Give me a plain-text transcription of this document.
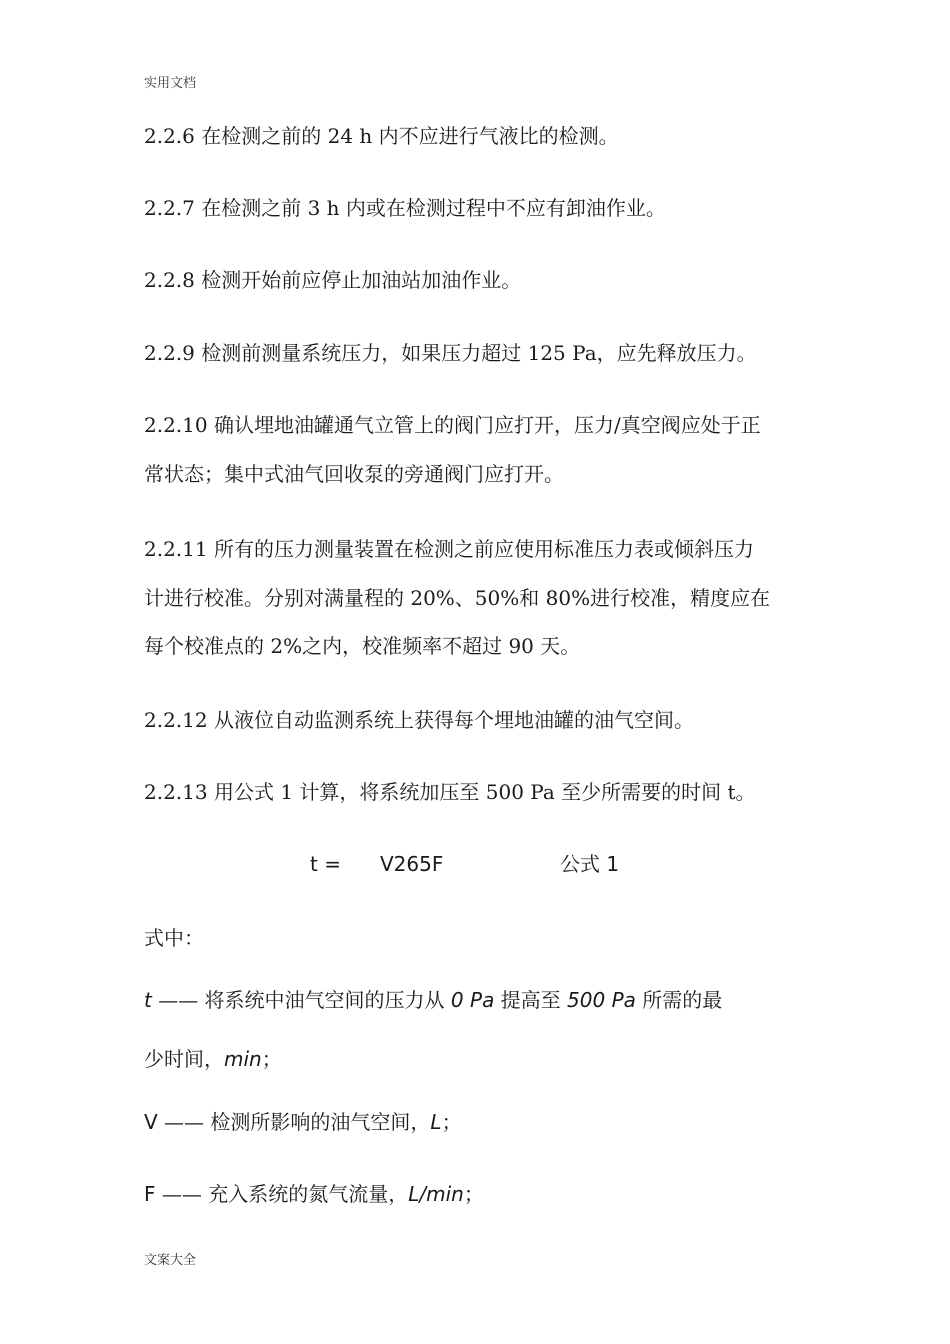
实用文档
2.2.6 在检测之前的 24 h 内不应进行气液比的检测。
2.2.7 在检测之前 3 h 内或在检测过程中不应有卸油作业。
2.2.8 检测开始前应停止加油站加油作业。
2.2.9 检测前测量系统压力，如果压力超过 125 Pa，应先释放压力。
2.2.10 确认埋地油罐通气立管上的阀门应打开，压力/真空阀应处于正
常状态；集中式油气回收泵的旁通阀门应打开。
2.2.11 所有的压力测量装置在检测之前应使用标准压力表或倾斜压力
计进行校准。分别对满量程的 20%、50%和 80%进行校准，精度应在
每个校准点的 2%之内，校准频率不超过 90 天。
2.2.12 从液位自动监测系统上获得每个埋地油罐的油气空间。
2.2.13 用公式 1 计算，将系统加压至 500 Pa 至少所需要的时间 t。
t = V265F	公式 1
式中：
t —— 将系统中油气空间的压力从 0 Pa 提高至 500 Pa 所需的最
少时间，min；
V —— 检测所影响的油气空间，L；
F —— 充入系统的氮气流量，L/min；
文案大全
